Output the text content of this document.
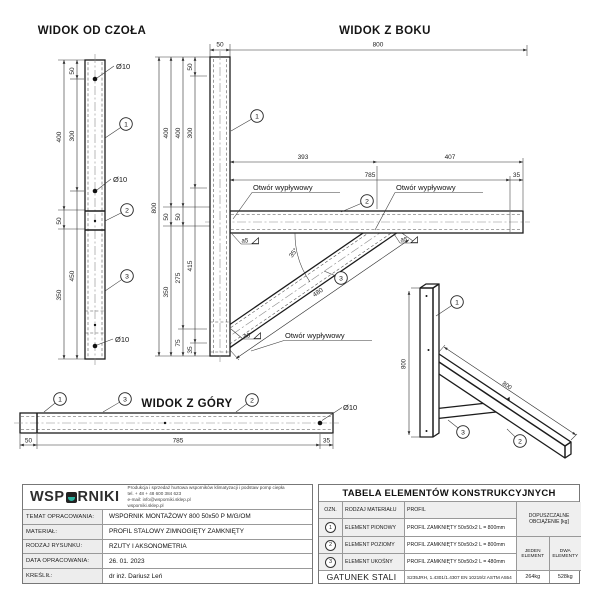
WIDOK OD CZOŁA
400
50
350
50
300
450
Ø10
Ø10
Ø10
1
2
3
WIDOK Z BOKU
50	800
800
400
50
350
400
50
275
75
50
300
415
35
393	407
785	35
480
35°
a5	a5
a5
Otwór wypływowy	Otwór wypływowy
Otwór wypływowy
1
2
3
WIDOK Z GÓRY	Ø10
50	785	35
1	3	2
800
800
1
2
3
WSP RNIKI
Produkcja i sprzedaż hurtowa wsporników klimatyzacji i podstaw pomp ciepła
tel. + 48 + 48 600 384 623
e-mail: info@wsporniki.sklep.pl
wsporniki.sklep.pl
TEMAT OPRACOWANIA:	WSPORNIK MONTAŻOWY 800 50x50 P M/G/OM
MATERIAŁ:	PROFIL STALOWY ZIMNOGIĘTY ZAMKNIĘTY
RODZAJ RYSUNKU:	RZUTY I AKSONOMETRIA
DATA OPRACOWANIA:	26. 01. 2023
KREŚLIŁ:	dr inż. Dariusz Leń
TABELA ELEMENTÓW KONSTRUKCYJNYCH
OZN.	RODZAJ MATERIAŁU	PROFIL
DOPUSZCZALNE OBCIĄŻENIE [kg]
1	ELEMENT PIONOWY	PROFIL ZAMKNIĘTY 50x50x2 L = 800mm
2	ELEMENT POZIOMY	PROFIL ZAMKNIĘTY 50x50x2 L = 800mm
3	ELEMENT UKOŚNY	PROFIL ZAMKNIĘTY 50x50x2 L = 480mm
JEDEN ELEMENT
DWA ELEMENTY
GATUNEK STALI	S235JRH, 1.4301/1.4307 EN 10219/2 ASTM A554	264kg	528kg
